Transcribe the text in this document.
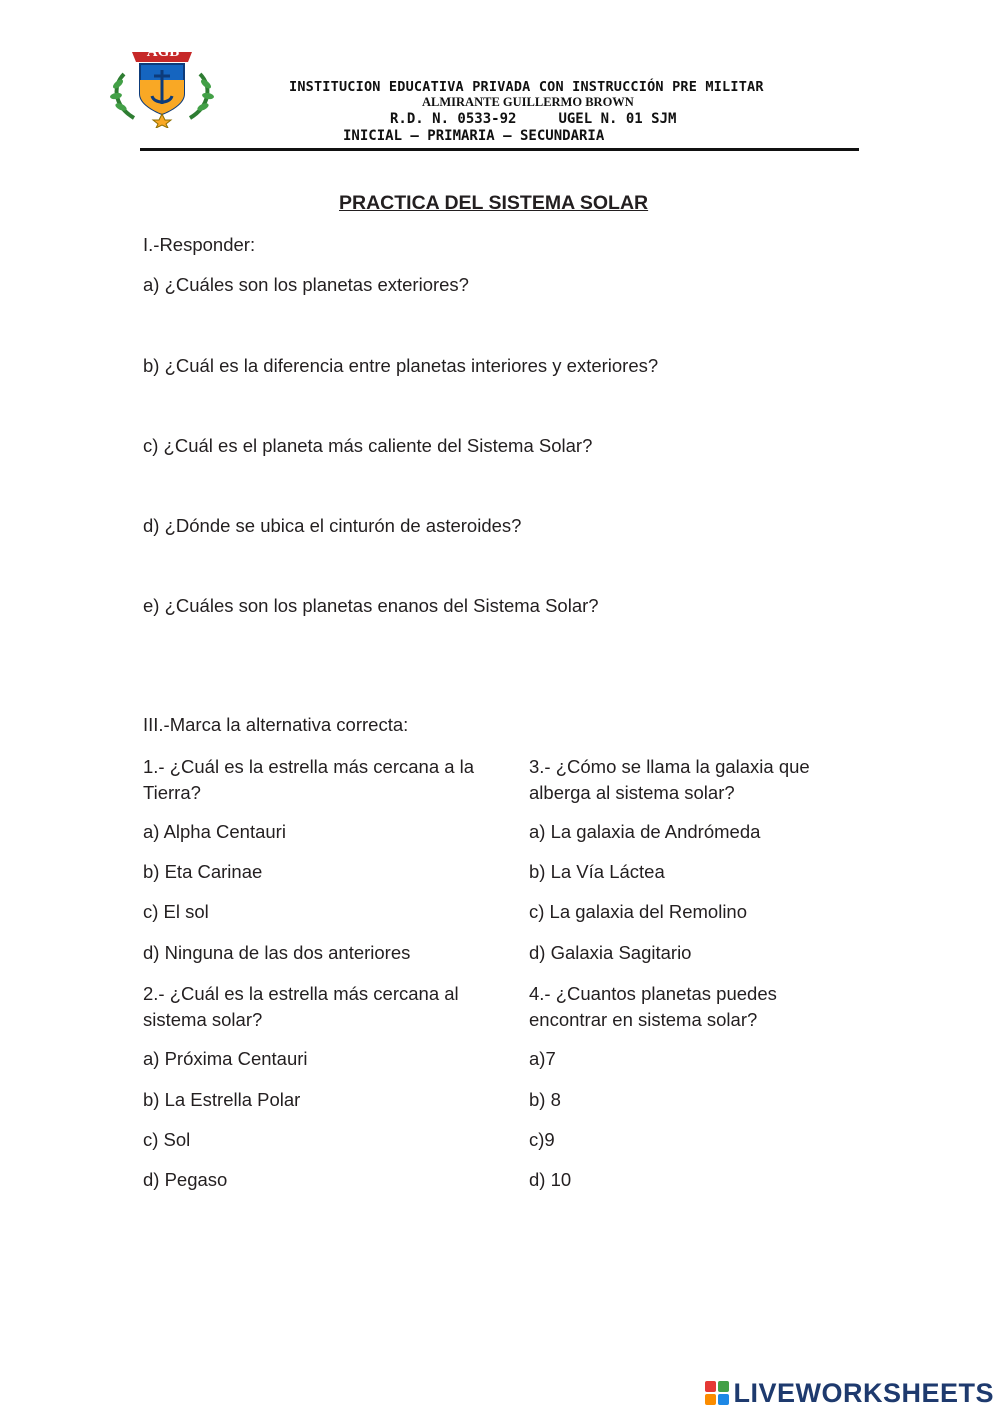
AGB
INSTITUCION EDUCATIVA PRIVADA CON INSTRUCCIÓN PRE MILITAR
ALMIRANTE GUILLERMO BROWN
R.D. N. 0533-92	UGEL N. 01 SJM
INICIAL – PRIMARIA – SECUNDARIA
PRACTICA DEL SISTEMA SOLAR
I.-Responder:
a) ¿Cuáles son los planetas exteriores?
b) ¿Cuál es la diferencia entre planetas interiores y exteriores?
c) ¿Cuál es el planeta más caliente del Sistema Solar?
d) ¿Dónde se ubica el cinturón de asteroides?
e) ¿Cuáles son los planetas enanos del Sistema Solar?
III.-Marca la alternativa correcta:
1.- ¿Cuál es la estrella más cercana a la Tierra?
a) Alpha Centauri
b) Eta Carinae
c) El sol
d) Ninguna de las dos anteriores
2.- ¿Cuál es la estrella más cercana al sistema solar?
a) Próxima Centauri
b) La Estrella Polar
c) Sol
d) Pegaso
3.- ¿Cómo se llama la galaxia que alberga al sistema solar?
a) La galaxia de Andrómeda
b) La Vía Láctea
c) La galaxia del Remolino
d) Galaxia Sagitario
4.- ¿Cuantos planetas puedes encontrar en sistema solar?
a)7
b) 8
c)9
d) 10
LIVEWORKSHEETS
